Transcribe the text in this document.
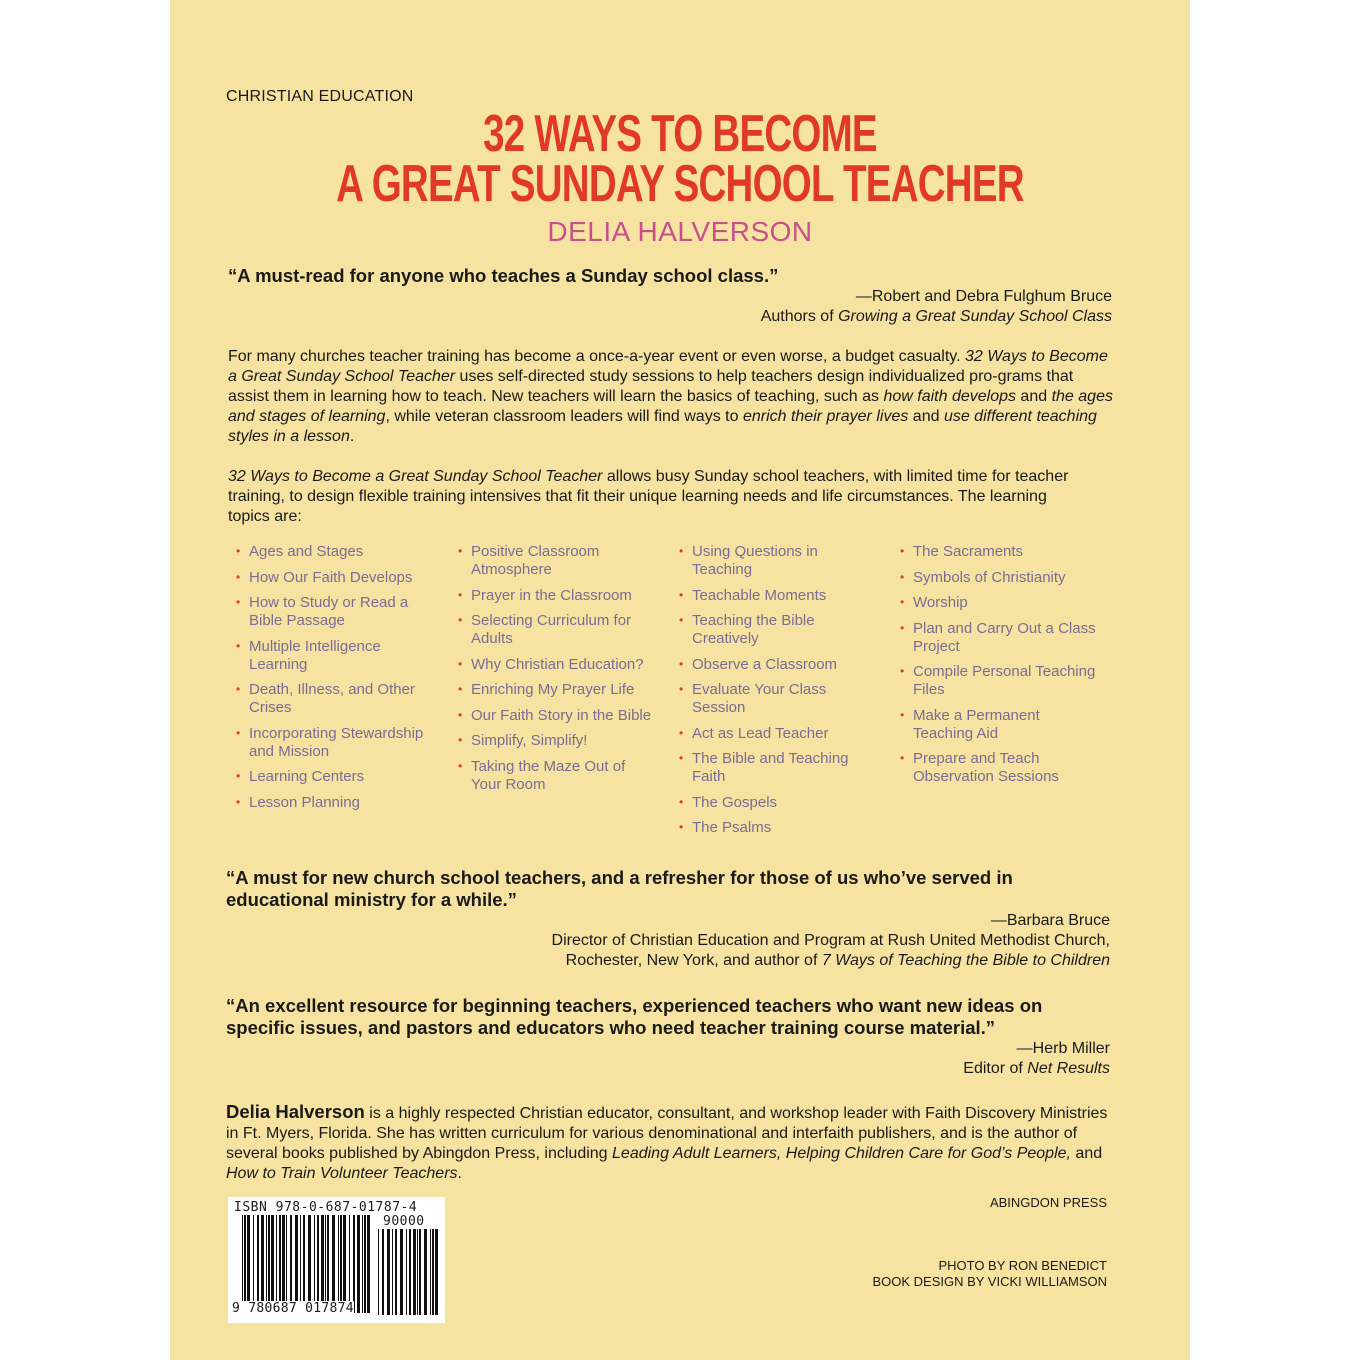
CHRISTIAN EDUCATION
32 WAYS TO BECOME
A GREAT SUNDAY SCHOOL TEACHER
DELIA HALVERSON
“A must-read for anyone who teaches a Sunday school class.”
—Robert and Debra Fulghum Bruce
Authors of Growing a Great Sunday School Class
For many churches teacher training has become a once-a-year event or even worse, a budget casualty. 32 Ways to Become a Great Sunday School Teacher uses self-directed study sessions to help teachers design individualized pro-grams that assist them in learning how to teach. New teachers will learn the basics of teaching, such as how faith develops and the ages and stages of learning, while veteran classroom leaders will find ways to enrich their prayer lives and use different teaching styles in a lesson.
32 Ways to Become a Great Sunday School Teacher allows busy Sunday school teachers, with limited time for teacher training, to design flexible training intensives that fit their unique learning needs and life circumstances. The learning topics are:
• Ages and Stages
• How Our Faith Develops
• How to Study or Read a Bible Passage
• Multiple Intelligence Learning
• Death, Illness, and Other Crises
• Incorporating Stewardship and Mission
• Learning Centers
• Lesson Planning
• Positive Classroom Atmosphere
• Prayer in the Classroom
• Selecting Curriculum for Adults
• Why Christian Education?
• Enriching My Prayer Life
• Our Faith Story in the Bible
• Simplify, Simplify!
• Taking the Maze Out of Your Room
• Using Questions in Teaching
• Teachable Moments
• Teaching the Bible Creatively
• Observe a Classroom
• Evaluate Your Class Session
• Act as Lead Teacher
• The Bible and Teaching Faith
• The Gospels
• The Psalms
• The Sacraments
• Symbols of Christianity
• Worship
• Plan and Carry Out a Class Project
• Compile Personal Teaching Files
• Make a Permanent Teaching Aid
• Prepare and Teach Observation Sessions
“A must for new church school teachers, and a refresher for those of us who’ve served in educational ministry for a while.”
—Barbara Bruce
Director of Christian Education and Program at Rush United Methodist Church,
Rochester, New York, and author of 7 Ways of Teaching the Bible to Children
“An excellent resource for beginning teachers, experienced teachers who want new ideas on specific issues, and pastors and educators who need teacher training course material.”
—Herb Miller
Editor of Net Results
Delia Halverson is a highly respected Christian educator, consultant, and workshop leader with Faith Discovery Ministries in Ft. Myers, Florida. She has written curriculum for various denominational and interfaith publishers, and is the author of several books published by Abingdon Press, including Leading Adult Learners, Helping Children Care for God’s People, and How to Train Volunteer Teachers.
ABINGDON PRESS
ISBN 978-0-687-01787-4
90000
9 780687 017874
PHOTO BY RON BENEDICT
BOOK DESIGN BY VICKI WILLIAMSON
